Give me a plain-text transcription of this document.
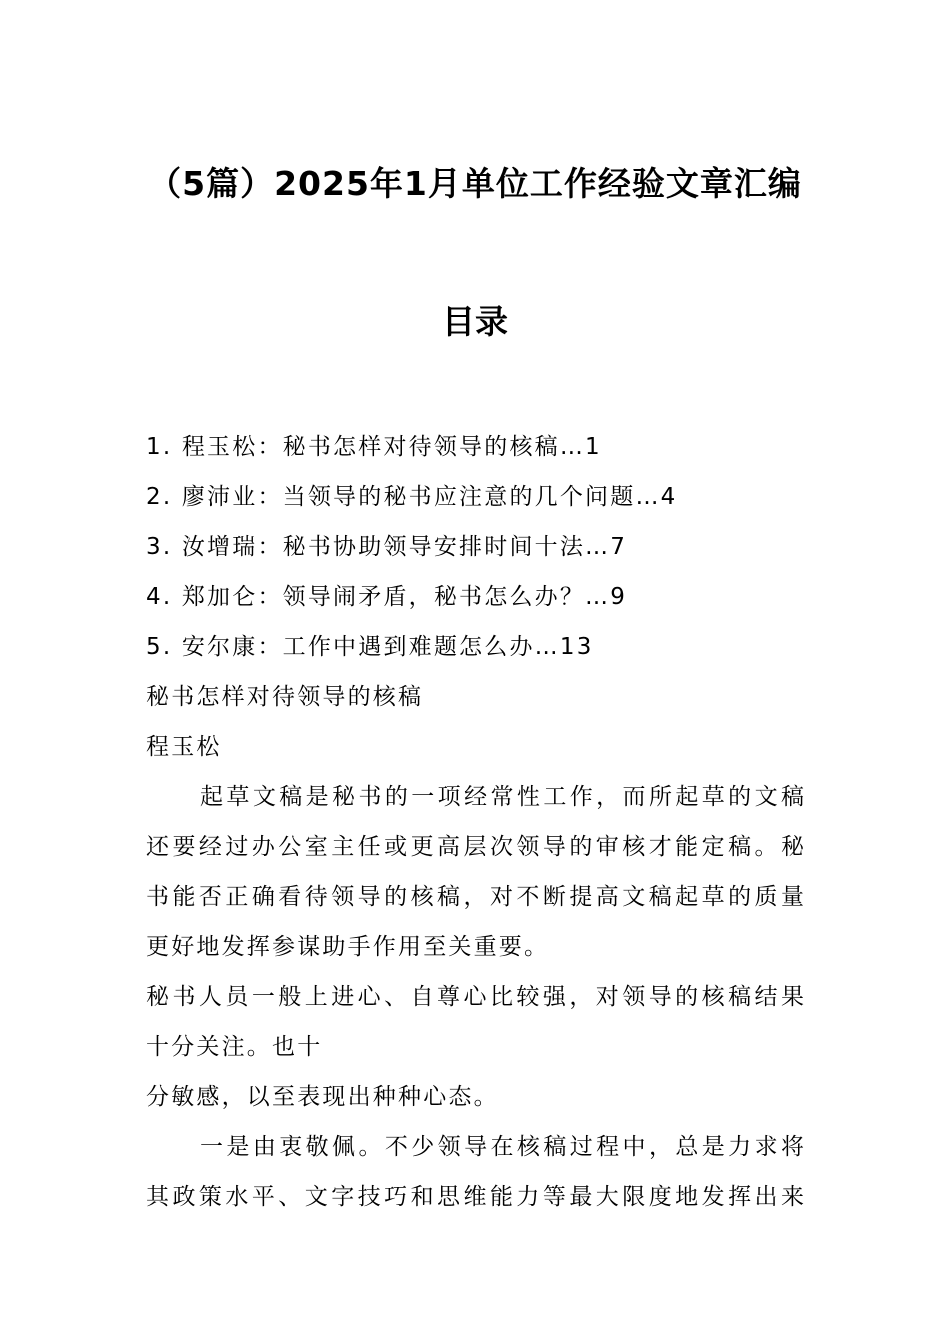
（5篇）2025年1月单位工作经验文章汇编
目录
1. 程玉松：秘书怎样对待领导的核稿…1
2. 廖沛业：当领导的秘书应注意的几个问题…4
3. 汝增瑞：秘书协助领导安排时间十法…7
4. 郑加仑：领导闹矛盾，秘书怎么办？…9
5. 安尔康：工作中遇到难题怎么办…13
秘书怎样对待领导的核稿
程玉松
起草文稿是秘书的一项经常性工作，而所起草的文稿
还要经过办公室主任或更高层次领导的审核才能定稿。秘
书能否正确看待领导的核稿，对不断提高文稿起草的质量
更好地发挥参谋助手作用至关重要。
秘书人员一般上进心、自尊心比较强，对领导的核稿结果
十分关注。也十
分敏感，以至表现出种种心态。
一是由衷敬佩。不少领导在核稿过程中，总是力求将
其政策水平、文字技巧和思维能力等最大限度地发挥出来
